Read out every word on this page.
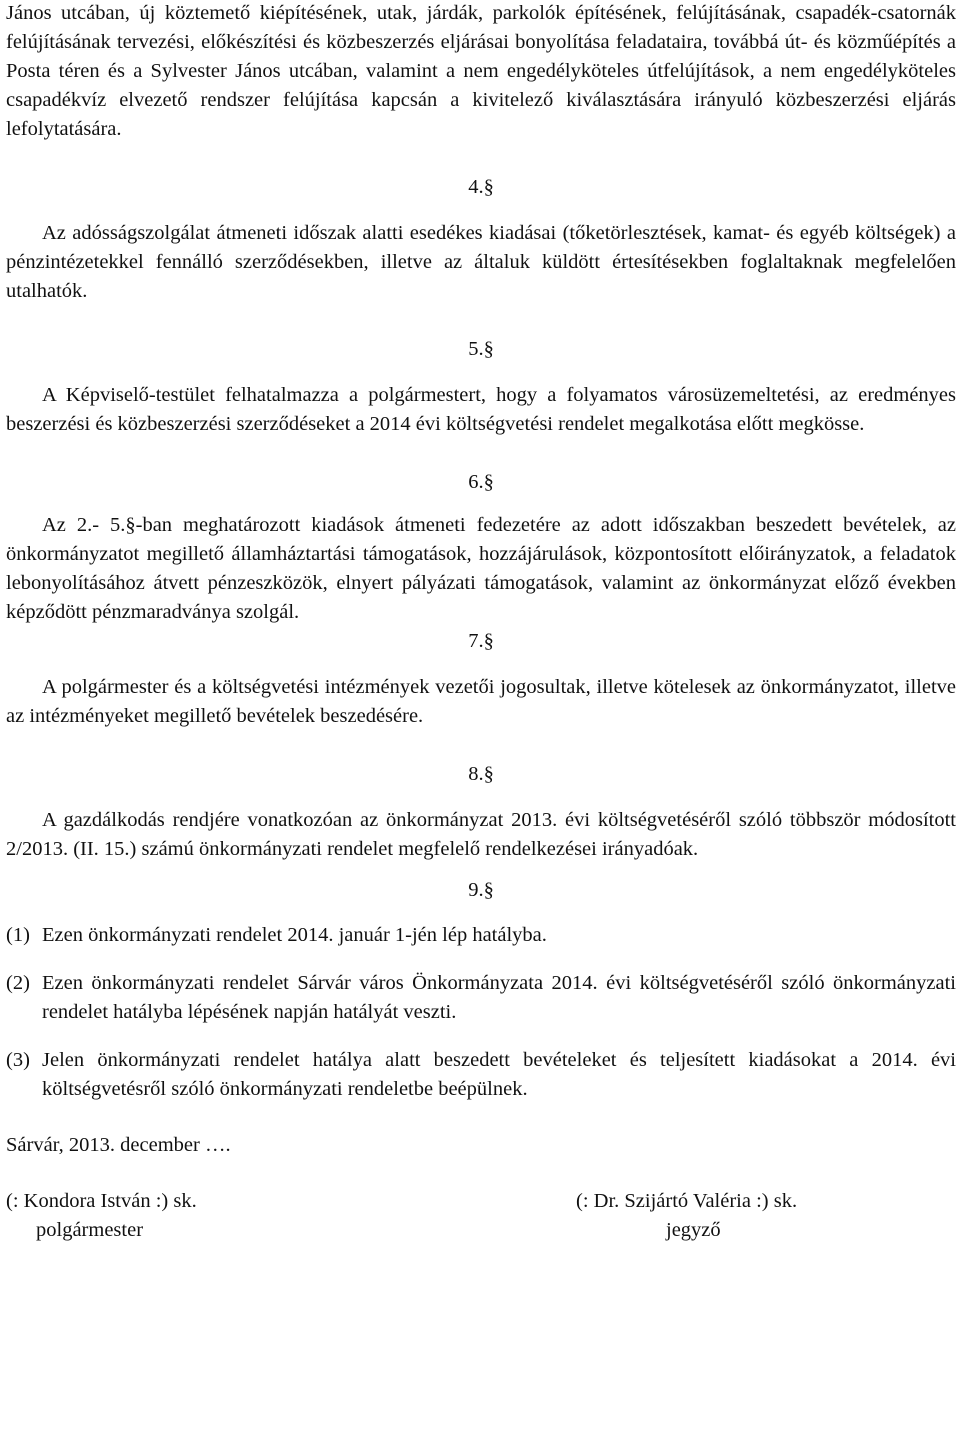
János utcában, új köztemető kiépítésének, utak, járdák, parkolók építésének, felújításának, csapadék-csatornák felújításának tervezési, előkészítési és közbeszerzés eljárásai bonyolítása feladataira, továbbá út- és közműépítés a Posta téren és a Sylvester János utcában, valamint a nem engedélyköteles útfelújítások, a nem engedélyköteles csapadékvíz elvezető rendszer felújítása kapcsán a kivitelező kiválasztására irányuló közbeszerzési eljárás lefolytatására.

4.§

Az adósságszolgálat átmeneti időszak alatti esedékes kiadásai (tőketörlesztések, kamat- és egyéb költségek) a pénzintézetekkel fennálló szerződésekben, illetve az általuk küldött értesítésekben foglaltaknak megfelelően utalhatók.

5.§

A Képviselő-testület felhatalmazza a polgármestert, hogy a folyamatos városüzemeltetési, az eredményes beszerzési és közbeszerzési szerződéseket a 2014 évi költségvetési rendelet megalkotása előtt megkösse.

6.§

Az 2.- 5.§-ban meghatározott kiadások átmeneti fedezetére az adott időszakban beszedett bevételek, az önkormányzatot megillető államháztartási támogatások, hozzájárulások, központosított előirányzatok, a feladatok lebonyolításához átvett pénzeszközök, elnyert pályázati támogatások, valamint az önkormányzat előző években képződött pénzmaradványa szolgál.

7.§

A polgármester és a költségvetési intézmények vezetői jogosultak, illetve kötelesek az önkormányzatot, illetve az intézményeket megillető bevételek beszedésére.

8.§

A gazdálkodás rendjére vonatkozóan az önkormányzat 2013. évi költségvetéséről szóló többször módosított 2/2013. (II. 15.) számú önkormányzati rendelet megfelelő rendelkezései irányadóak.

9.§

(1) Ezen önkormányzati rendelet 2014. január 1-jén lép hatályba.
(2) Ezen önkormányzati rendelet Sárvár város Önkormányzata 2014. évi költségvetéséről szóló önkormányzati rendelet hatályba lépésének napján hatályát veszti.
(3) Jelen önkormányzati rendelet hatálya alatt beszedett bevételeket és teljesített kiadásokat a 2014. évi költségvetésről szóló önkormányzati rendeletbe beépülnek.

Sárvár, 2013. december ….

(: Kondora István :) sk.
polgármester
(: Dr. Szijártó Valéria :) sk.
jegyző
